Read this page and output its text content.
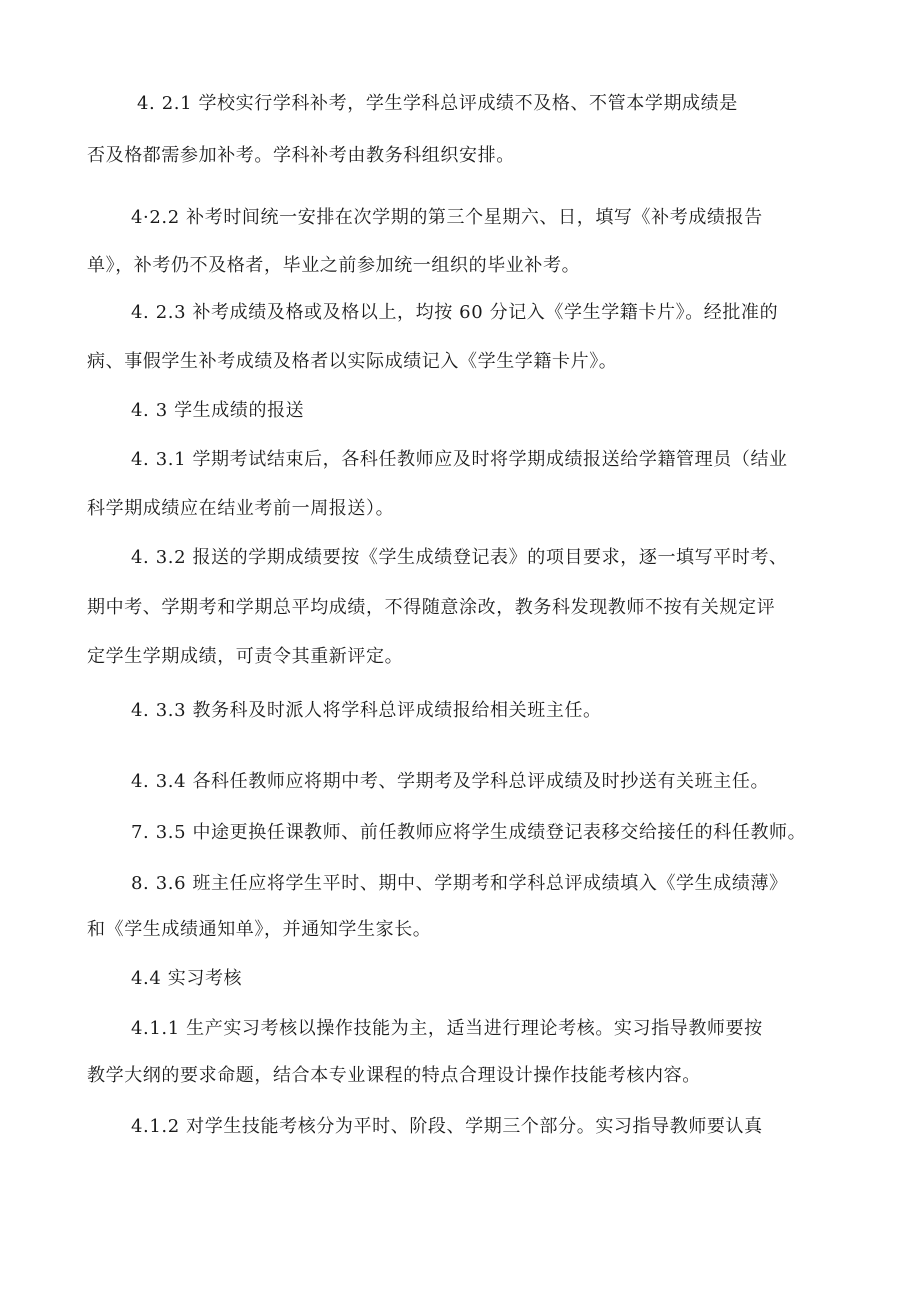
4. 2.1 学校实行学科补考，学生学科总评成绩不及格、不管本学期成绩是
否及格都需参加补考。学科补考由教务科组织安排。
4·2.2 补考时间统一安排在次学期的第三个星期六、日，填写《补考成绩报告
单》，补考仍不及格者，毕业之前参加统一组织的毕业补考。
4. 2.3 补考成绩及格或及格以上，均按 60 分记入《学生学籍卡片》。经批准的
病、事假学生补考成绩及格者以实际成绩记入《学生学籍卡片》。
4. 3 学生成绩的报送
4. 3.1 学期考试结束后，各科任教师应及时将学期成绩报送给学籍管理员（结业
科学期成绩应在结业考前一周报送）。
4. 3.2 报送的学期成绩要按《学生成绩登记表》的项目要求，逐一填写平时考、
期中考、学期考和学期总平均成绩，不得随意涂改，教务科发现教师不按有关规定评
定学生学期成绩，可责令其重新评定。
4. 3.3 教务科及时派人将学科总评成绩报给相关班主任。
4. 3.4 各科任教师应将期中考、学期考及学科总评成绩及时抄送有关班主任。
7. 3.5 中途更换任课教师、前任教师应将学生成绩登记表移交给接任的科任教师。
8. 3.6 班主任应将学生平时、期中、学期考和学科总评成绩填入《学生成绩薄》
和《学生成绩通知单》，并通知学生家长。
4.4 实习考核
4.1.1 生产实习考核以操作技能为主，适当进行理论考核。实习指导教师要按
教学大纲的要求命题，结合本专业课程的特点合理设计操作技能考核内容。
4.1.2 对学生技能考核分为平时、阶段、学期三个部分。实习指导教师要认真
